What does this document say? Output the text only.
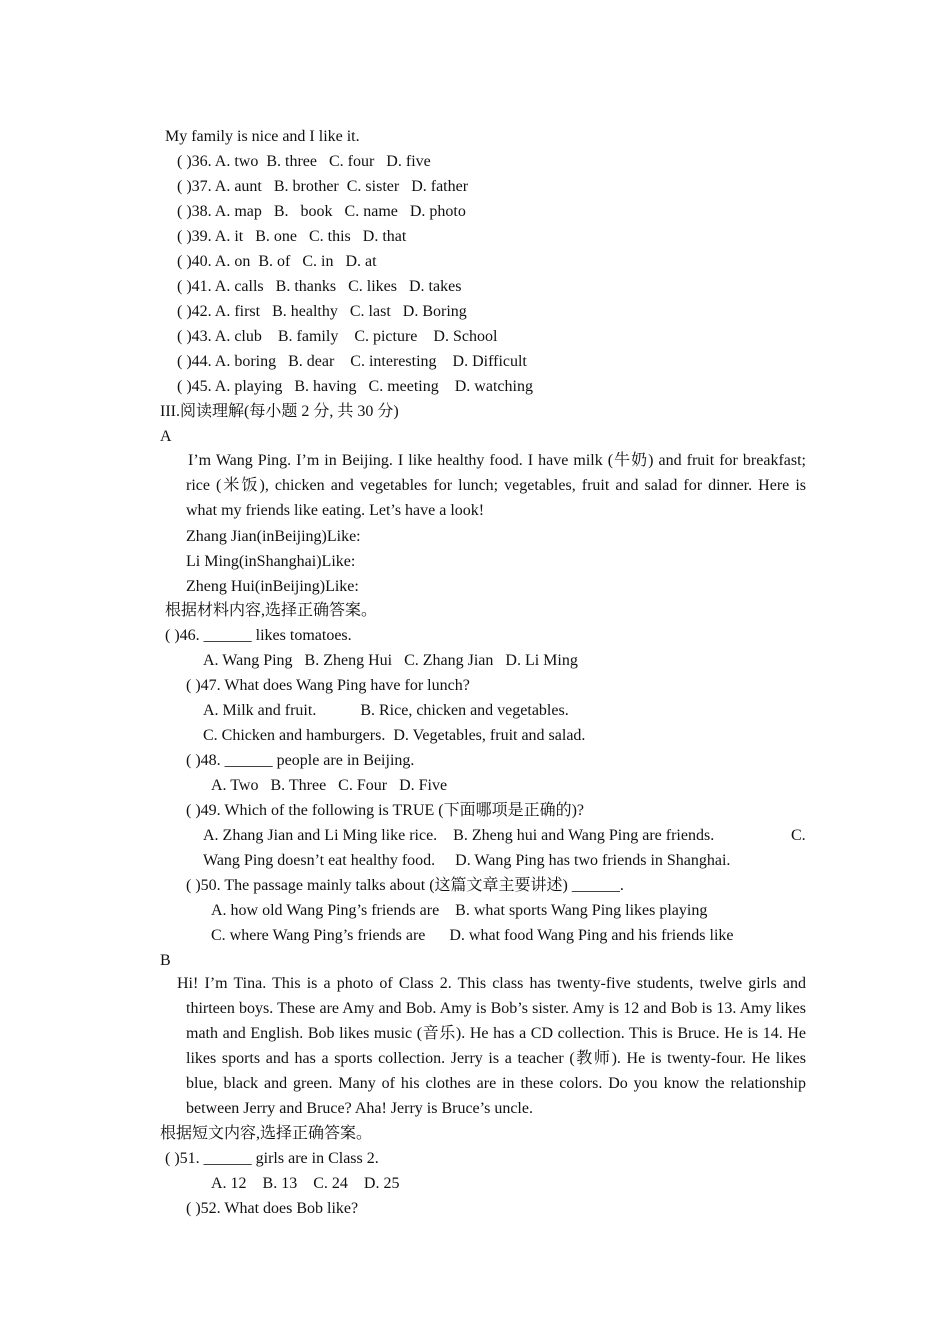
My family is nice and I like it.
( )36. A. two  B. three   C. four   D. five
( )37. A. aunt   B. brother  C. sister   D. father
( )38. A. map   B.   book   C. name   D. photo
( )39. A. it   B. one   C. this   D. that
( )40. A. on  B. of   C. in   D. at
( )41. A. calls   B. thanks   C. likes   D. takes
( )42. A. first   B. healthy   C. last   D. Boring
( )43. A. club    B. family    C. picture    D. School
( )44. A. boring   B. dear    C. interesting    D. Difficult
( )45. A. playing   B. having   C. meeting    D. watching
III.阅读理解(每小题 2 分, 共 30 分)
A
I’m Wang Ping. I’m in Beijing. I like healthy food. I have milk (牛奶) and fruit for breakfast; rice (米饭), chicken and vegetables for lunch; vegetables, fruit and salad for dinner. Here is what my friends like eating. Let’s have a look!
Zhang Jian(inBeijing)Like:
Li Ming(inShanghai)Like:
Zheng Hui(inBeijing)Like:
根据材料内容,选择正确答案。
( )46. ______ likes tomatoes.
A. Wang Ping   B. Zheng Hui   C. Zhang Jian   D. Li Ming
( )47. What does Wang Ping have for lunch?
A. Milk and fruit.           B. Rice, chicken and vegetables.
C. Chicken and hamburgers.  D. Vegetables, fruit and salad.
( )48. ______ people are in Beijing.
A. Two   B. Three   C. Four   D. Five
( )49. Which of the following is TRUE (下面哪项是正确的)?
A. Zhang Jian and Li Ming like rice.    B. Zheng hui and Wang Ping are friends.	C.
Wang Ping doesn’t eat healthy food.     D. Wang Ping has two friends in Shanghai.
( )50. The passage mainly talks about (这篇文章主要讲述) ______.
A. how old Wang Ping’s friends are    B. what sports Wang Ping likes playing
C. where Wang Ping’s friends are      D. what food Wang Ping and his friends like
B
Hi! I’m Tina. This is a photo of Class 2. This class has twenty-five students, twelve girls and thirteen boys. These are Amy and Bob. Amy is Bob’s sister. Amy is 12 and Bob is 13. Amy likes math and English. Bob likes music (音乐). He has a CD collection. This is Bruce. He is 14. He likes sports and has a sports collection. Jerry is a teacher (教师). He is twenty-four. He likes blue, black and green. Many of his clothes are in these colors. Do you know the relationship between Jerry and Bruce? Aha! Jerry is Bruce’s uncle.
根据短文内容,选择正确答案。
( )51. ______ girls are in Class 2.
A. 12    B. 13    C. 24    D. 25
( )52. What does Bob like?
